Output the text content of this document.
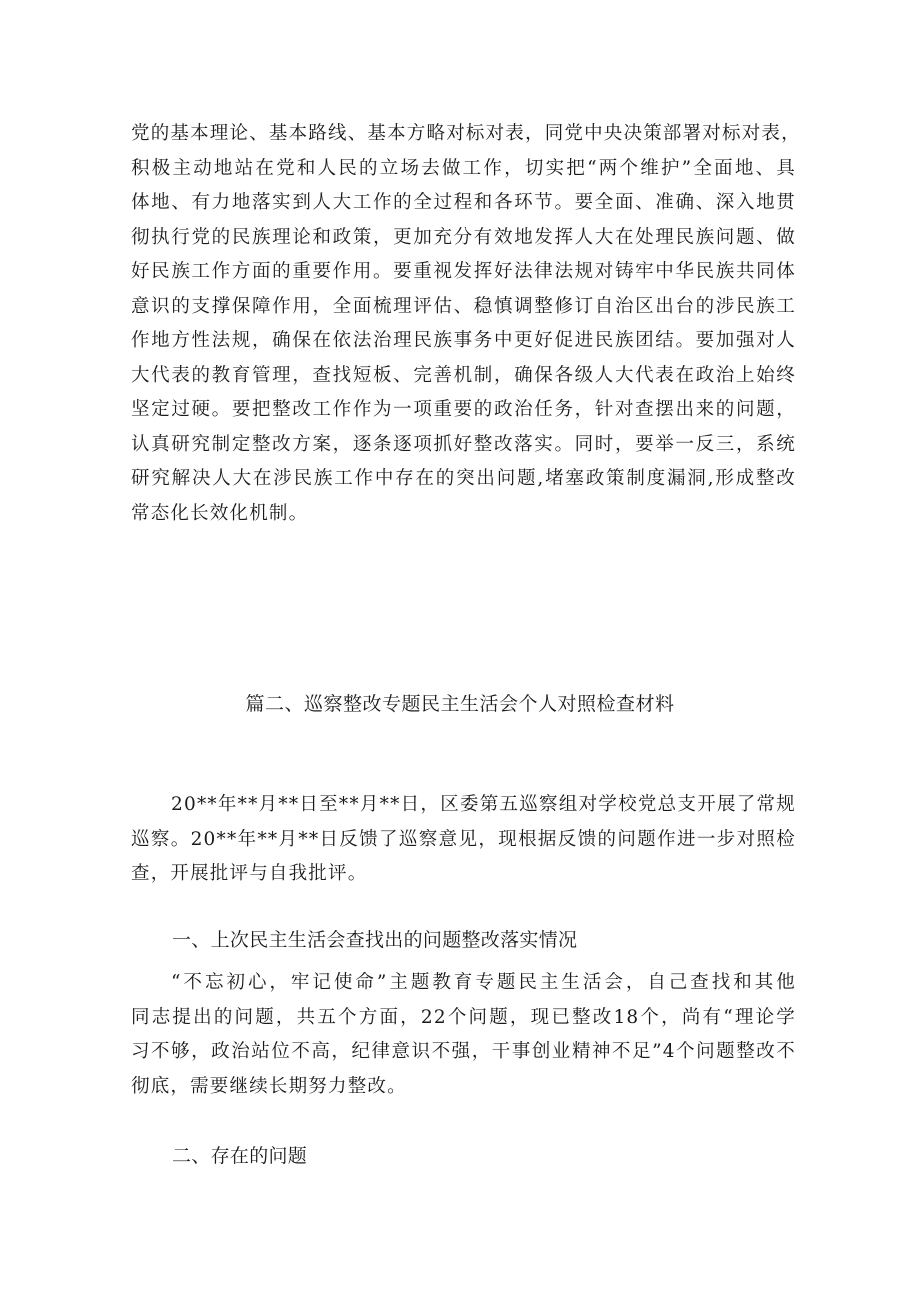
党的基本理论、基本路线、基本方略对标对表，同党中央决策部署对标对表，
积极主动地站在党和人民的立场去做工作，切实把“两个维护”全面地、具
体地、有力地落实到人大工作的全过程和各环节。要全面、准确、深入地贯
彻执行党的民族理论和政策，更加充分有效地发挥人大在处理民族问题、做
好民族工作方面的重要作用。要重视发挥好法律法规对铸牢中华民族共同体
意识的支撑保障作用，全面梳理评估、稳慎调整修订自治区出台的涉民族工
作地方性法规，确保在依法治理民族事务中更好促进民族团结。要加强对人
大代表的教育管理，查找短板、完善机制，确保各级人大代表在政治上始终
坚定过硬。要把整改工作作为一项重要的政治任务，针对查摆出来的问题，
认真研究制定整改方案，逐条逐项抓好整改落实。同时，要举一反三，系统
研究解决人大在涉民族工作中存在的突出问题,堵塞政策制度漏洞,形成整改
常态化长效化机制。
篇二、巡察整改专题民主生活会个人对照检查材料
20**年**月**日至**月**日，区委第五巡察组对学校党总支开展了常规
巡察。20**年**月**日反馈了巡察意见，现根据反馈的问题作进一步对照检
查，开展批评与自我批评。
一、上次民主生活会查找出的问题整改落实情况
“不忘初心，牢记使命”主题教育专题民主生活会，自己查找和其他
同志提出的问题，共五个方面，22个问题，现已整改18个，尚有“理论学
习不够，政治站位不高，纪律意识不强，干事创业精神不足”4个问题整改不
彻底，需要继续长期努力整改。
二、存在的问题
